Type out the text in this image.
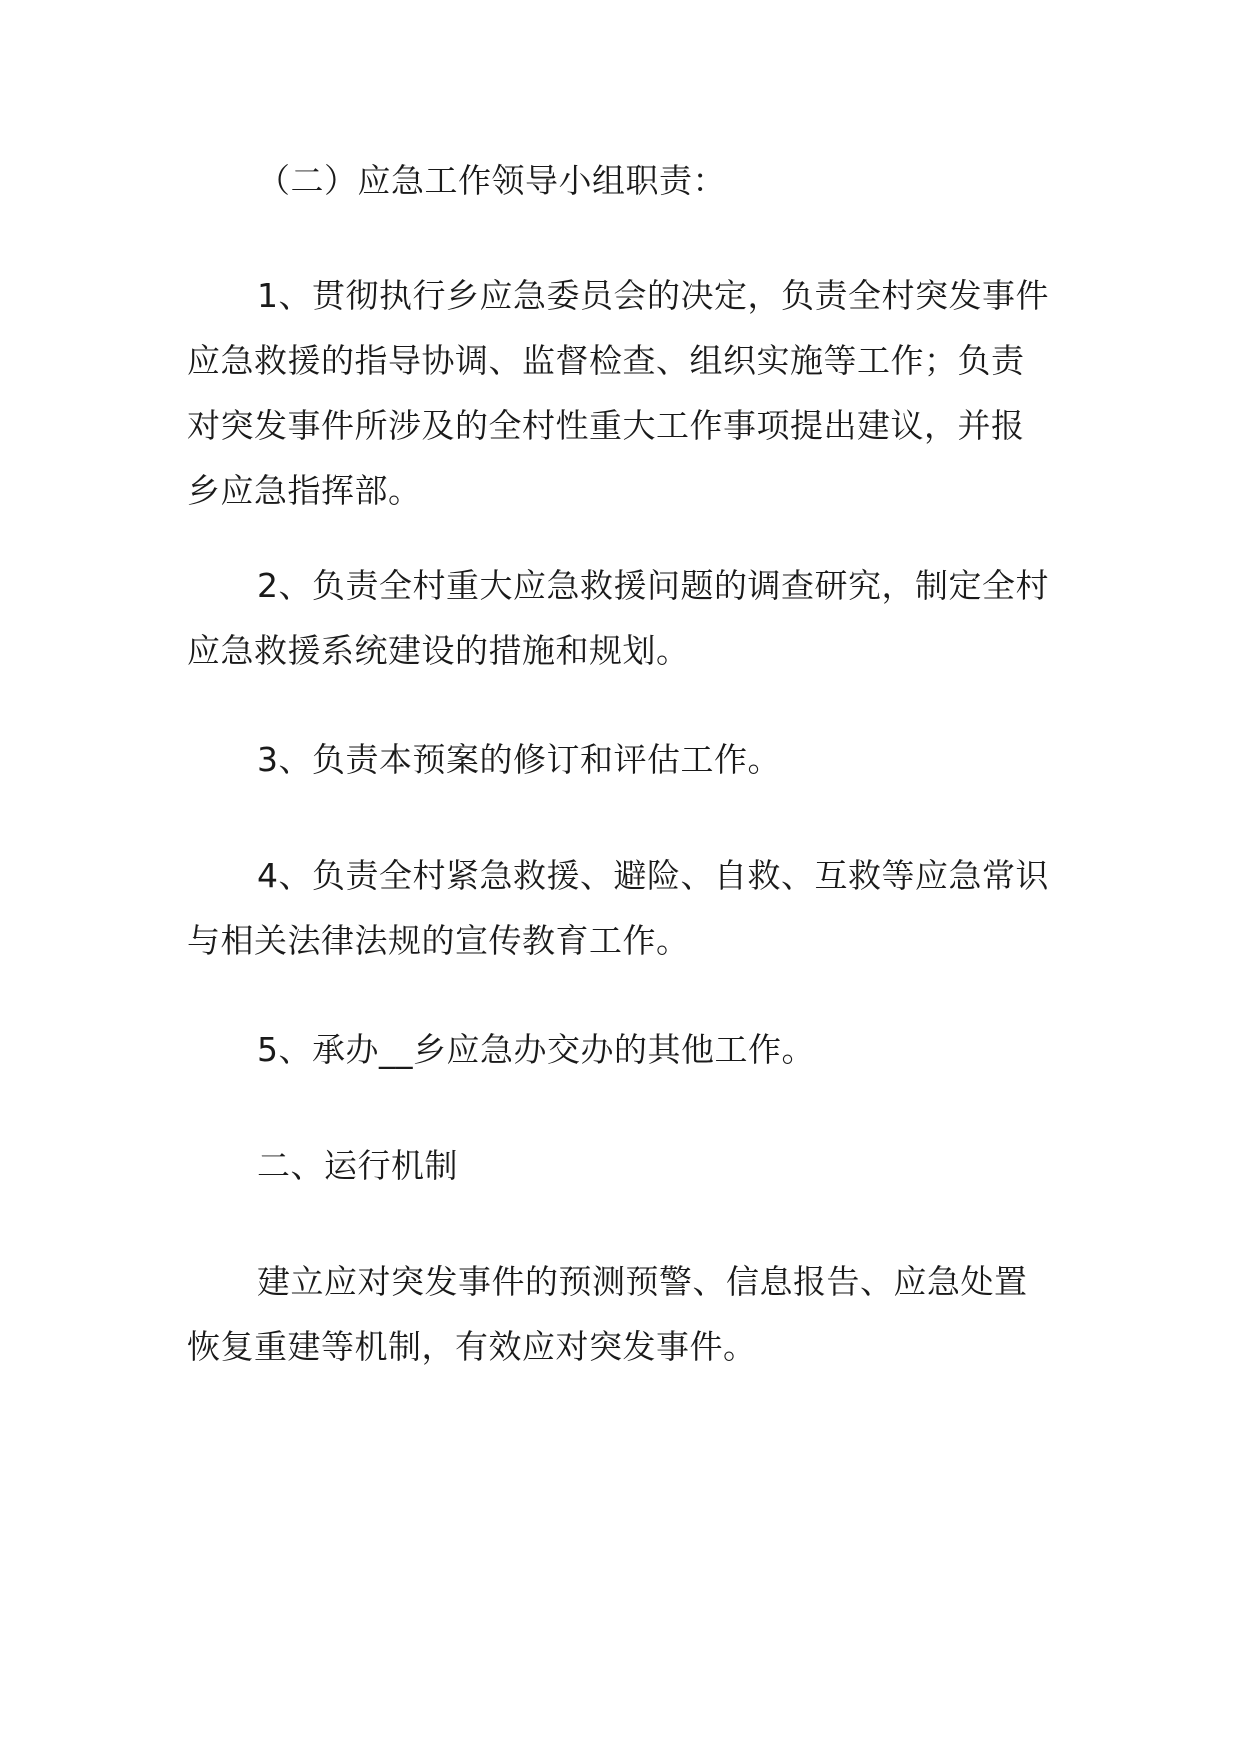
（二）应急工作领导小组职责：
1、贯彻执行乡应急委员会的决定，负责全村突发事件
应急救援的指导协调、监督检查、组织实施等工作；负责
对突发事件所涉及的全村性重大工作事项提出建议，并报
乡应急指挥部。
2、负责全村重大应急救援问题的调查研究，制定全村
应急救援系统建设的措施和规划。
3、负责本预案的修订和评估工作。
4、负责全村紧急救援、避险、自救、互救等应急常识
与相关法律法规的宣传教育工作。
5、承办__乡应急办交办的其他工作。
二、运行机制
建立应对突发事件的预测预警、信息报告、应急处置
恢复重建等机制，有效应对突发事件。
